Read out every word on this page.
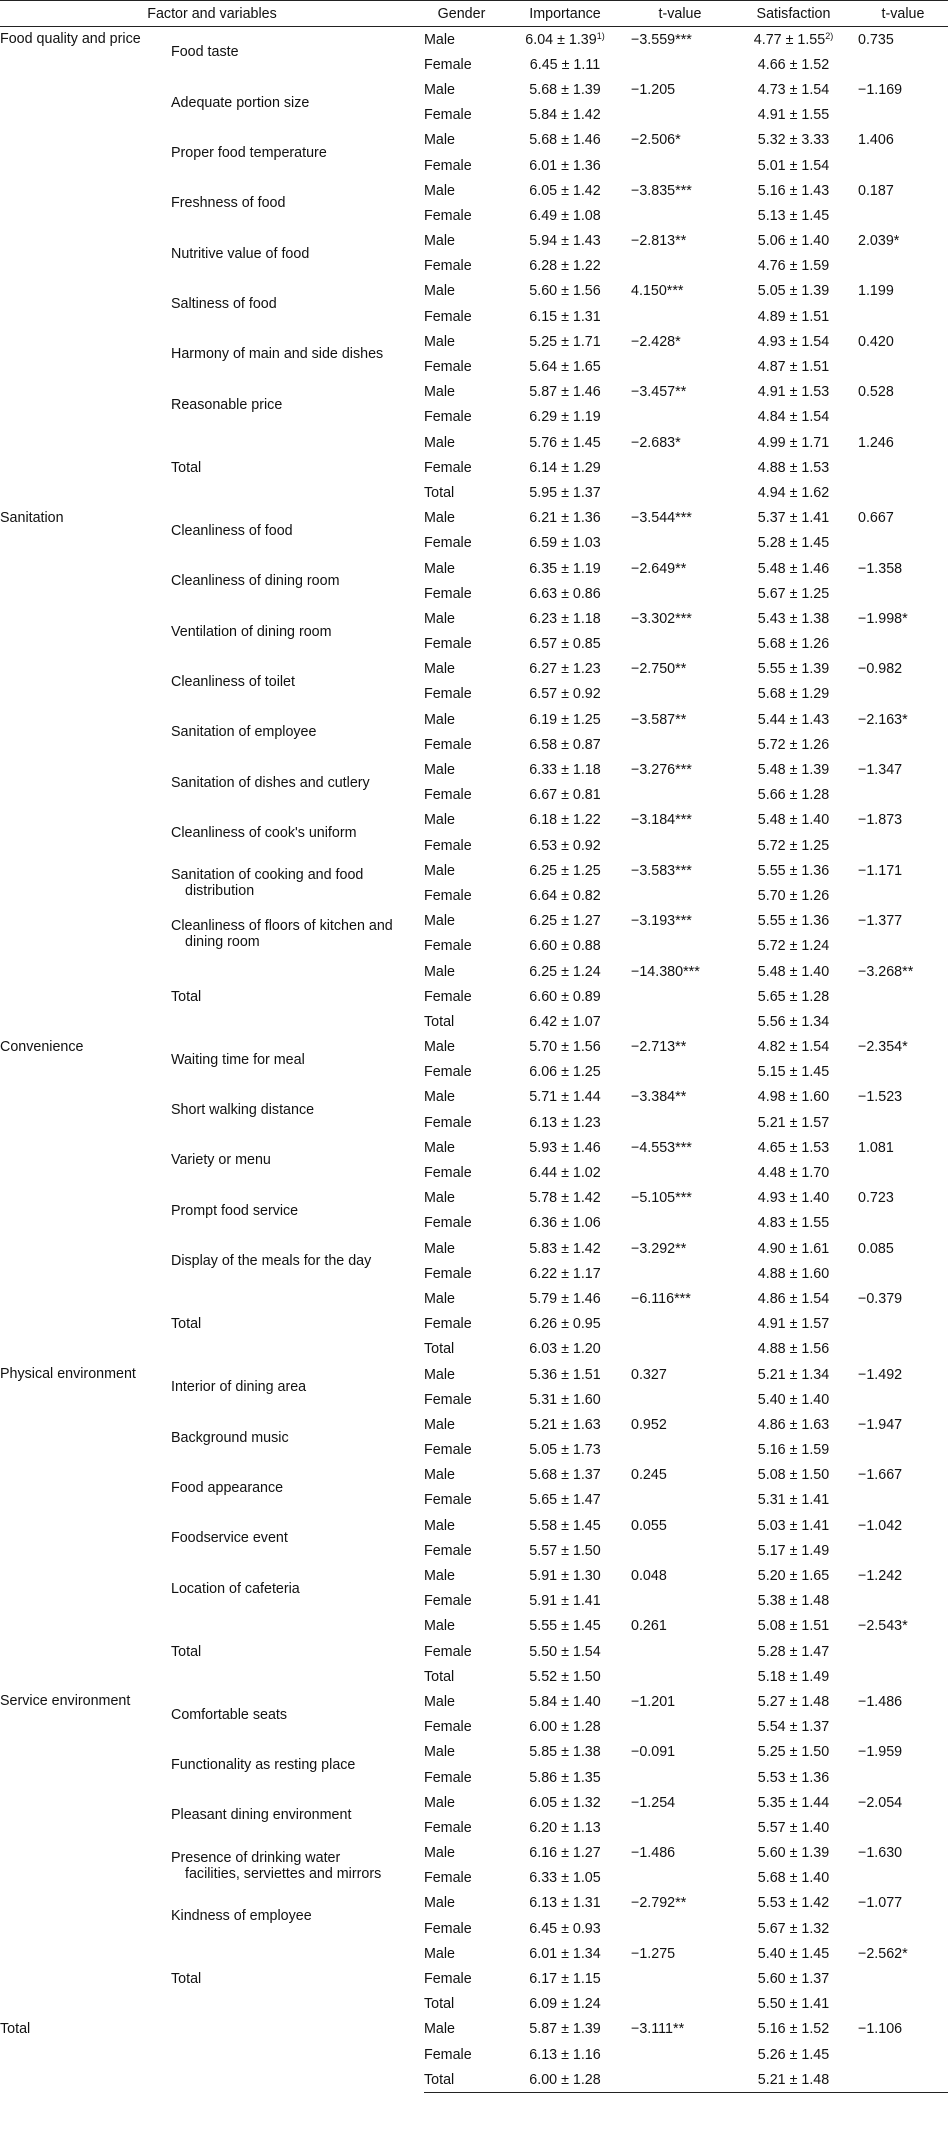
Factor and variables		Gender	Importance	t-value	Satisfaction	t-value
Food quality and price	Food taste	Male	$6.04 \pm 1.39^{1)}$	−3.559***	$4.77 \pm 1.55^{2)}$	0.735
		Female	6.45 ± 1.11		4.66 ± 1.52	
	Adequate portion size	Male	5.68 ± 1.39	−1.205	4.73 ± 1.54	−1.169
		Female	5.84 ± 1.42		4.91 ± 1.55	
	Proper food temperature	Male	5.68 ± 1.46	−2.506*	5.32 ± 3.33	1.406
		Female	6.01 ± 1.36		5.01 ± 1.54	
	Freshness of food	Male	6.05 ± 1.42	−3.835***	5.16 ± 1.43	0.187
		Female	6.49 ± 1.08		5.13 ± 1.45	
	Nutritive value of food	Male	5.94 ± 1.43	−2.813**	5.06 ± 1.40	2.039*
		Female	6.28 ± 1.22		4.76 ± 1.59	
	Saltiness of food	Male	5.60 ± 1.56	4.150***	5.05 ± 1.39	1.199
		Female	6.15 ± 1.31		4.89 ± 1.51	
	Harmony of main and side dishes	Male	5.25 ± 1.71	−2.428*	4.93 ± 1.54	0.420
		Female	5.64 ± 1.65		4.87 ± 1.51	
	Reasonable price	Male	5.87 ± 1.46	−3.457**	4.91 ± 1.53	0.528
		Female	6.29 ± 1.19		4.84 ± 1.54	
	Total	Male	5.76 ± 1.45	−2.683*	4.99 ± 1.71	1.246
		Female	6.14 ± 1.29		4.88 ± 1.53	
		Total	5.95 ± 1.37		4.94 ± 1.62	
Sanitation	Cleanliness of food	Male	6.21 ± 1.36	−3.544***	5.37 ± 1.41	0.667
		Female	6.59 ± 1.03		5.28 ± 1.45	
	Cleanliness of dining room	Male	6.35 ± 1.19	−2.649**	5.48 ± 1.46	−1.358
		Female	6.63 ± 0.86		5.67 ± 1.25	
	Ventilation of dining room	Male	6.23 ± 1.18	−3.302***	5.43 ± 1.38	−1.998*
		Female	6.57 ± 0.85		5.68 ± 1.26	
	Cleanliness of toilet	Male	6.27 ± 1.23	−2.750**	5.55 ± 1.39	−0.982
		Female	6.57 ± 0.92		5.68 ± 1.29	
	Sanitation of employee	Male	6.19 ± 1.25	−3.587**	5.44 ± 1.43	−2.163*
		Female	6.58 ± 0.87		5.72 ± 1.26	
	Sanitation of dishes and cutlery	Male	6.33 ± 1.18	−3.276***	5.48 ± 1.39	−1.347
		Female	6.67 ± 0.81		5.66 ± 1.28	
	Cleanliness of cook's uniform	Male	6.18 ± 1.22	−3.184***	5.48 ± 1.40	−1.873
		Female	6.53 ± 0.92		5.72 ± 1.25	
	Sanitation of cooking and food
distribution	Male	6.25 ± 1.25	−3.583***	5.55 ± 1.36	−1.171
		Female	6.64 ± 0.82		5.70 ± 1.26	
	Cleanliness of floors of kitchen and
dining room	Male	6.25 ± 1.27	−3.193***	5.55 ± 1.36	−1.377
		Female	6.60 ± 0.88		5.72 ± 1.24	
	Total	Male	6.25 ± 1.24	−14.380***	5.48 ± 1.40	−3.268**
		Female	6.60 ± 0.89		5.65 ± 1.28	
		Total	6.42 ± 1.07		5.56 ± 1.34	
Convenience	Waiting time for meal	Male	5.70 ± 1.56	−2.713**	4.82 ± 1.54	−2.354*
		Female	6.06 ± 1.25		5.15 ± 1.45	
	Short walking distance	Male	5.71 ± 1.44	−3.384**	4.98 ± 1.60	−1.523
		Female	6.13 ± 1.23		5.21 ± 1.57	
	Variety or menu	Male	5.93 ± 1.46	−4.553***	4.65 ± 1.53	1.081
		Female	6.44 ± 1.02		4.48 ± 1.70	
	Prompt food service	Male	5.78 ± 1.42	−5.105***	4.93 ± 1.40	0.723
		Female	6.36 ± 1.06		4.83 ± 1.55	
	Display of the meals for the day	Male	5.83 ± 1.42	−3.292**	4.90 ± 1.61	0.085
		Female	6.22 ± 1.17		4.88 ± 1.60	
	Total	Male	5.79 ± 1.46	−6.116***	4.86 ± 1.54	−0.379
		Female	6.26 ± 0.95		4.91 ± 1.57	
		Total	6.03 ± 1.20		4.88 ± 1.56	
Physical environment	Interior of dining area	Male	5.36 ± 1.51	0.327	5.21 ± 1.34	−1.492
		Female	5.31 ± 1.60		5.40 ± 1.40	
	Background music	Male	5.21 ± 1.63	0.952	4.86 ± 1.63	−1.947
		Female	5.05 ± 1.73		5.16 ± 1.59	
	Food appearance	Male	5.68 ± 1.37	0.245	5.08 ± 1.50	−1.667
		Female	5.65 ± 1.47		5.31 ± 1.41	
	Foodservice event	Male	5.58 ± 1.45	0.055	5.03 ± 1.41	−1.042
		Female	5.57 ± 1.50		5.17 ± 1.49	
	Location of cafeteria	Male	5.91 ± 1.30	0.048	5.20 ± 1.65	−1.242
		Female	5.91 ± 1.41		5.38 ± 1.48	
	Total	Male	5.55 ± 1.45	0.261	5.08 ± 1.51	−2.543*
		Female	5.50 ± 1.54		5.28 ± 1.47	
		Total	5.52 ± 1.50		5.18 ± 1.49	
Service environment	Comfortable seats	Male	5.84 ± 1.40	−1.201	5.27 ± 1.48	−1.486
		Female	6.00 ± 1.28		5.54 ± 1.37	
	Functionality as resting place	Male	5.85 ± 1.38	−0.091	5.25 ± 1.50	−1.959
		Female	5.86 ± 1.35		5.53 ± 1.36	
	Pleasant dining environment	Male	6.05 ± 1.32	−1.254	5.35 ± 1.44	−2.054
		Female	6.20 ± 1.13		5.57 ± 1.40	
	Presence of drinking water
facilities, serviettes and mirrors	Male	6.16 ± 1.27	−1.486	5.60 ± 1.39	−1.630
		Female	6.33 ± 1.05		5.68 ± 1.40	
	Kindness of employee	Male	6.13 ± 1.31	−2.792**	5.53 ± 1.42	−1.077
		Female	6.45 ± 0.93		5.67 ± 1.32	
	Total	Male	6.01 ± 1.34	−1.275	5.40 ± 1.45	−2.562*
		Female	6.17 ± 1.15		5.60 ± 1.37	
		Total	6.09 ± 1.24		5.50 ± 1.41	
Total		Male	5.87 ± 1.39	−3.111**	5.16 ± 1.52	−1.106
		Female	6.13 ± 1.16		5.26 ± 1.45	
		Total	6.00 ± 1.28		5.21 ± 1.48	
